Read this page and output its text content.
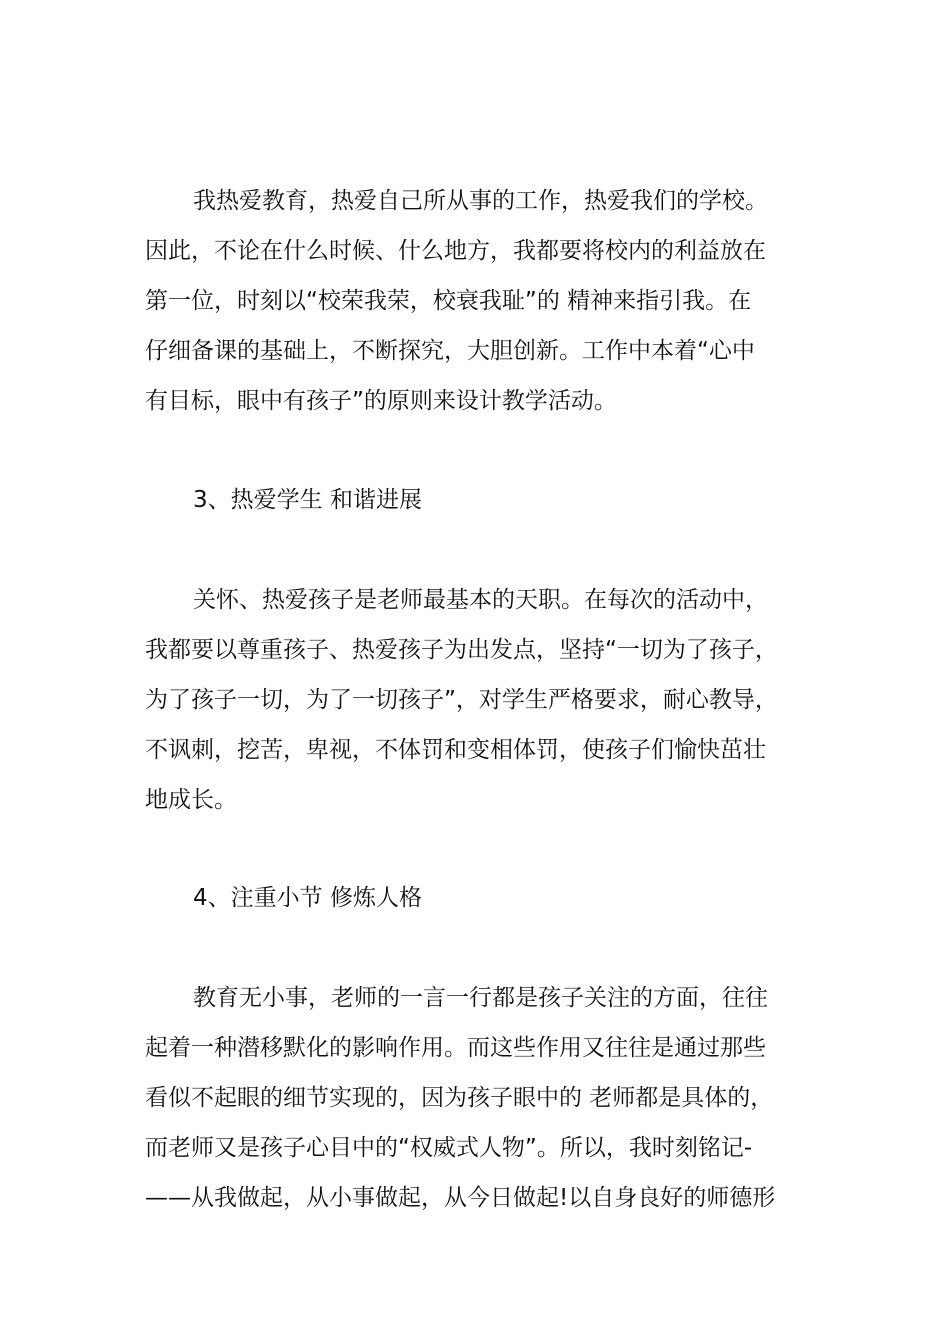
我热爱教育，热爱自己所从事的工作，热爱我们的学校。

因此，不论在什么时候、什么地方，我都要将校内的利益放在

第一位，时刻以“校荣我荣，校衰我耻”的 精神来指引我。在

仔细备课的基础上，不断探究，大胆创新。工作中本着“心中

有目标，眼中有孩子”的原则来设计教学活动。

3、热爱学生 和谐进展

关怀、热爱孩子是老师最基本的天职。在每次的活动中，

我都要以尊重孩子、热爱孩子为出发点，坚持“一切为了孩子，

为了孩子一切，为了一切孩子”，对学生严格要求，耐心教导，

不讽刺，挖苦，卑视，不体罚和变相体罚，使孩子们愉快茁壮

地成长。

4、注重小节 修炼人格

教育无小事，老师的一言一行都是孩子关注的方面，往往

起着一种潜移默化的影响作用。而这些作用又往往是通过那些

看似不起眼的细节实现的，因为孩子眼中的 老师都是具体的，

而老师又是孩子心目中的“权威式人物”。所以，我时刻铭记-

——从我做起，从小事做起，从今日做起!以自身良好的师德形
